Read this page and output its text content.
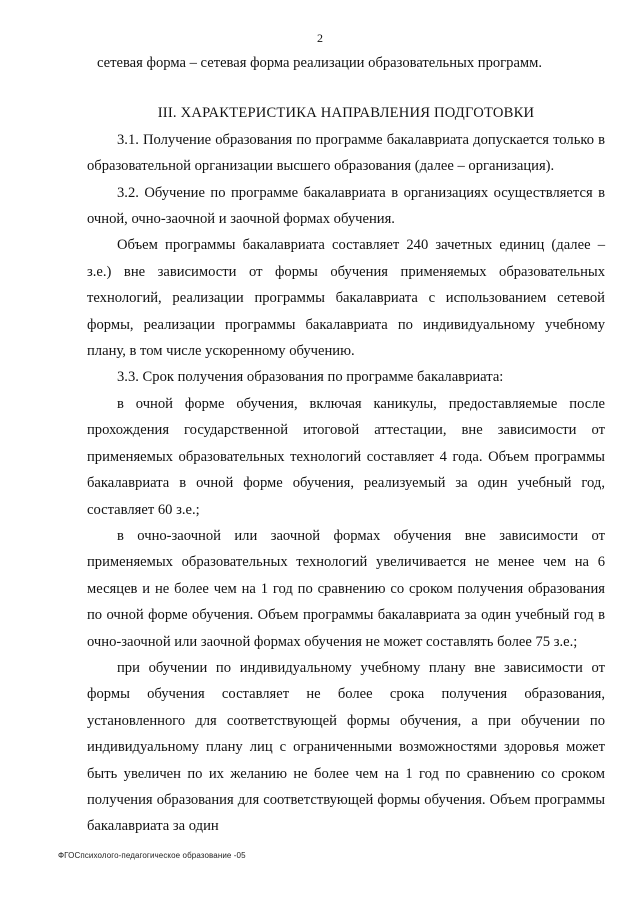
2

сетевая форма – сетевая форма реализации образовательных программ.

III. ХАРАКТЕРИСТИКА НАПРАВЛЕНИЯ ПОДГОТОВКИ

3.1. Получение образования по программе бакалавриата допускается только в образовательной организации высшего образования (далее – организация).

3.2. Обучение по программе бакалавриата в организациях осуществляется в очной, очно-заочной и заочной формах обучения.

Объем программы бакалавриата составляет 240 зачетных единиц (далее – з.е.) вне зависимости от формы обучения применяемых образовательных технологий, реализации программы бакалавриата с использованием сетевой формы, реализации программы бакалавриата по индивидуальному учебному плану, в том числе ускоренному обучению.

3.3. Срок получения образования по программе бакалавриата:

в очной форме обучения, включая каникулы, предоставляемые после прохождения государственной итоговой аттестации, вне зависимости от применяемых образовательных технологий составляет 4 года. Объем программы бакалавриата в очной форме обучения, реализуемый за один учебный год, составляет 60 з.е.;

в очно-заочной или заочной формах обучения вне зависимости от применяемых образовательных технологий увеличивается не менее чем на 6 месяцев и не более чем на 1 год по сравнению со сроком получения образования по очной форме обучения. Объем программы бакалавриата за один учебный год в очно-заочной или заочной формах обучения не может составлять более 75 з.е.;

при обучении по индивидуальному учебному плану вне зависимости от формы обучения составляет не более срока получения образования, установленного для соответствующей формы обучения, а при обучении по индивидуальному плану лиц с ограниченными возможностями здоровья может быть увеличен по их желанию не более чем на 1 год по сравнению со сроком получения образования для соответствующей формы обучения. Объем программы бакалавриата за один

ФГОСпсихолого-педагогическое образование -05
